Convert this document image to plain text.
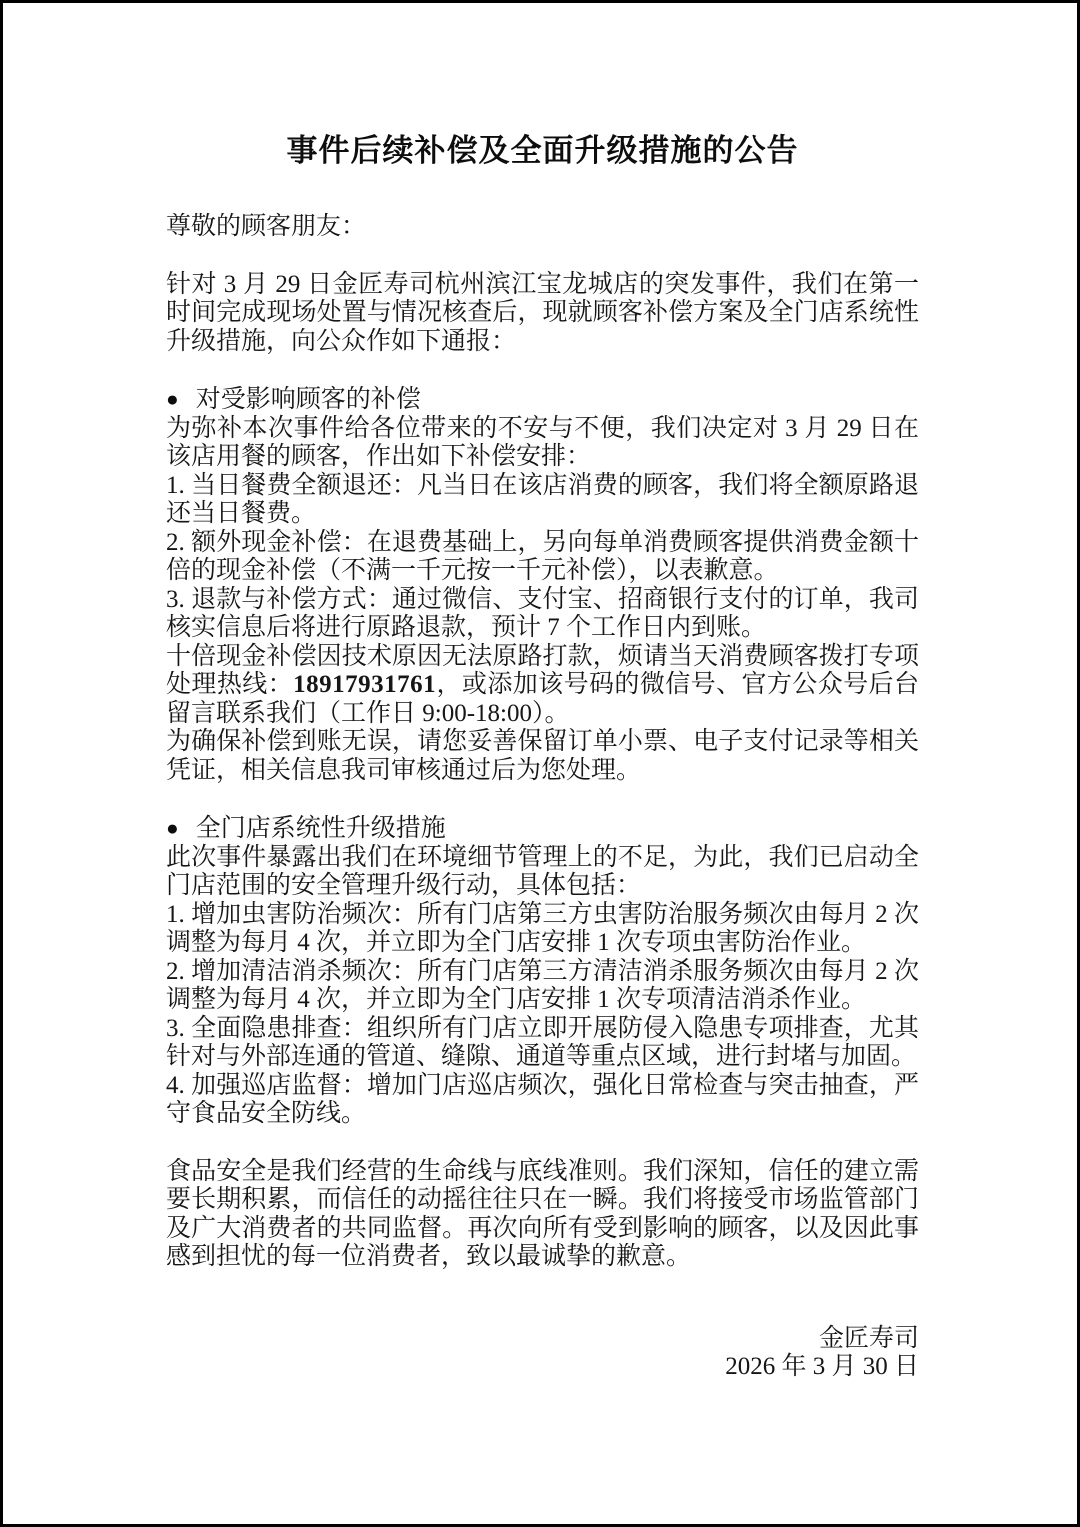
事件后续补偿及全面升级措施的公告

尊敬的顾客朋友：

针对 3 月 29 日金匠寿司杭州滨江宝龙城店的突发事件，我们在第一时间完成现场处置与情况核查后，现就顾客补偿方案及全门店系统性升级措施，向公众作如下通报：

● 对受影响顾客的补偿

为弥补本次事件给各位带来的不安与不便，我们决定对 3 月 29 日在该店用餐的顾客，作出如下补偿安排：

1. 当日餐费全额退还：凡当日在该店消费的顾客，我们将全额原路退还当日餐费。

2. 额外现金补偿：在退费基础上，另向每单消费顾客提供消费金额十倍的现金补偿（不满一千元按一千元补偿），以表歉意。

3. 退款与补偿方式：通过微信、支付宝、招商银行支付的订单，我司核实信息后将进行原路退款，预计 7 个工作日内到账。

十倍现金补偿因技术原因无法原路打款，烦请当天消费顾客拨打专项处理热线：18917931761，或添加该号码的微信号、官方公众号后台留言联系我们（工作日 9:00-18:00）。

为确保补偿到账无误，请您妥善保留订单小票、电子支付记录等相关凭证，相关信息我司审核通过后为您处理。

● 全门店系统性升级措施

此次事件暴露出我们在环境细节管理上的不足，为此，我们已启动全门店范围的安全管理升级行动，具体包括：

1. 增加虫害防治频次：所有门店第三方虫害防治服务频次由每月 2 次调整为每月 4 次，并立即为全门店安排 1 次专项虫害防治作业。

2. 增加清洁消杀频次：所有门店第三方清洁消杀服务频次由每月 2 次调整为每月 4 次，并立即为全门店安排 1 次专项清洁消杀作业。

3. 全面隐患排查：组织所有门店立即开展防侵入隐患专项排查，尤其针对与外部连通的管道、缝隙、通道等重点区域，进行封堵与加固。

4. 加强巡店监督：增加门店巡店频次，强化日常检查与突击抽查，严守食品安全防线。

食品安全是我们经营的生命线与底线准则。我们深知，信任的建立需要长期积累，而信任的动摇往往只在一瞬。我们将接受市场监管部门及广大消费者的共同监督。再次向所有受到影响的顾客，以及因此事感到担忧的每一位消费者，致以最诚挚的歉意。

金匠寿司

2026 年 3 月 30 日
